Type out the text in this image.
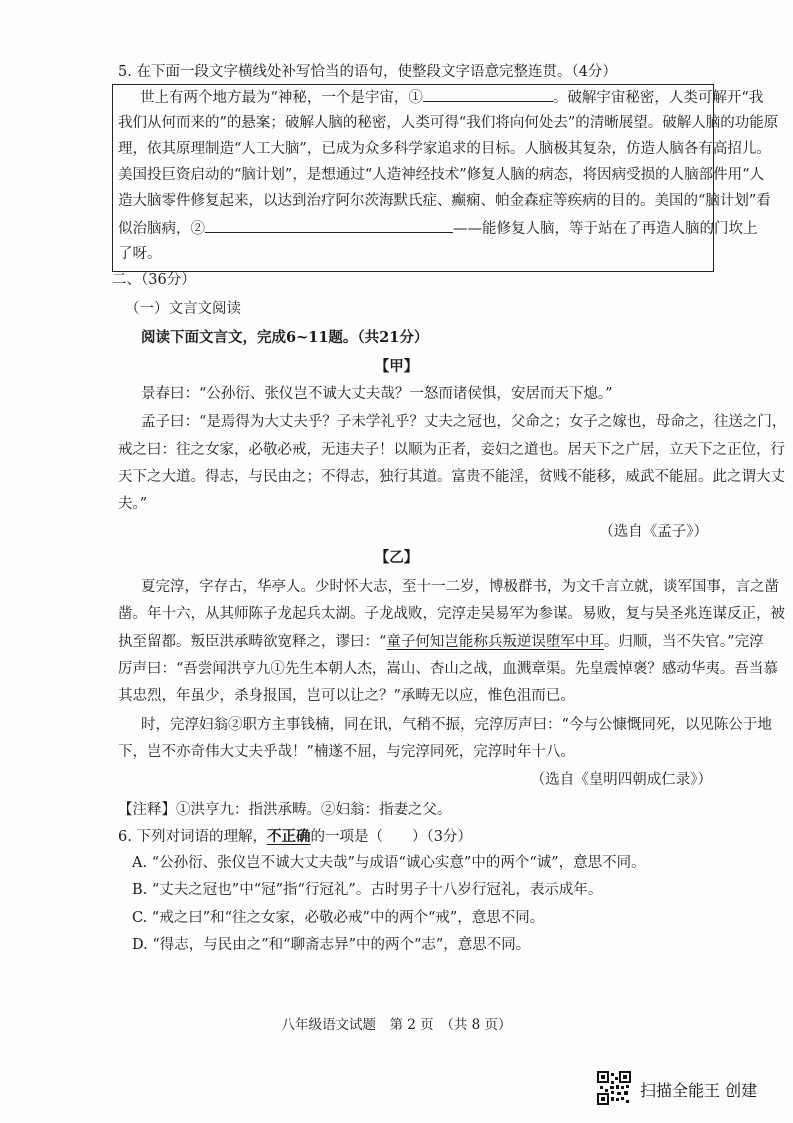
5. 在下面一段文字横线处补写恰当的语句，使整段文字语意完整连贯。（4分）
世上有两个地方最为“神秘，一个是宇宙，①	。破解宇宙秘密，人类可解开“我
我们从何而来的”的悬案；破解人脑的秘密，人类可得“我们将向何处去”的清晰展望。破解人脑的功能原
理，依其原理制造“人工大脑”，已成为众多科学家追求的目标。人脑极其复杂，仿造人脑各有高招儿。
美国投巨资启动的“脑计划”，是想通过“人造神经技术”修复人脑的病态，将因病受损的人脑部件用“人
造大脑零件修复起来，以达到治疗阿尔茨海默氏症、癫痫、帕金森症等疾病的目的。美国的“脑计划”看
似治脑病，②	——能修复人脑，等于站在了再造人脑的门坎上
了呀。
二、（36分）
（一）文言文阅读
阅读下面文言文，完成6~11题。（共21分）
【甲】
景春曰：“公孙衍、张仪岂不诚大丈夫哉？一怒而诸侯惧，安居而天下熄。”
孟子曰：“是焉得为大丈夫乎？子未学礼乎？丈夫之冠也，父命之；女子之嫁也，母命之，往送之门，
戒之曰：往之女家，必敬必戒，无违夫子！以顺为正者，妾妇之道也。居天下之广居，立天下之正位，行
天下之大道。得志，与民由之；不得志，独行其道。富贵不能淫，贫贱不能移，威武不能屈。此之谓大丈
夫。”
（选自《孟子》）
【乙】
夏完淳，字存古，华亭人。少时怀大志，至十一二岁，博极群书，为文千言立就，谈军国事，言之凿
凿。年十六，从其师陈子龙起兵太湖。子龙战败，完淳走吴易军为参谋。易败，复与吴圣兆连谋反正，被
执至留都。叛臣洪承畴欲宽释之，谬曰：“童子何知岂能称兵叛逆误堕军中耳。归顺，当不失官。”完淳
厉声曰：“吾尝闻洪亨九①先生本朝人杰，嵩山、杏山之战，血溅章渠。先皇震悼褒？感动华夷。吾当慕
其忠烈，年虽少，杀身报国，岂可以让之？”承畴无以应，惟色沮而已。
时，完淳妇翁②职方主事钱楠，同在讯，气稍不振，完淳厉声曰：“今与公慷慨同死，以见陈公于地
下，岂不亦奇伟大丈夫乎哉！”楠遂不屈，与完淳同死，完淳时年十八。
（选自《皇明四朝成仁录》）
【注释】①洪亨九：指洪承畴。②妇翁：指妻之父。
6. 下列对词语的理解，不正确的一项是（　　）（3分）
A. “公孙衍、张仪岂不诚大丈夫哉”与成语“诚心实意”中的两个“诚”，意思不同。
B. “丈夫之冠也”中“冠”指“行冠礼”。古时男子十八岁行冠礼，表示成年。
C. “戒之曰”和“往之女家，必敬必戒”中的两个“戒”，意思不同。
D. “得志，与民由之”和“聊斋志异”中的两个“志”，意思不同。
八年级语文试题　第 2 页　（共 8 页）
扫描全能王 创建
